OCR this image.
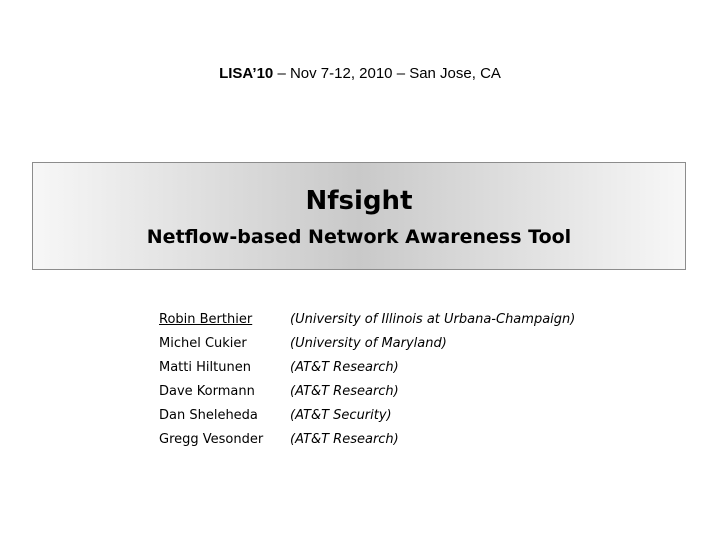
LISA’10 – Nov 7-12, 2010 – San Jose, CA
Nfsight
Netflow-based Network Awareness Tool
Robin Berthier	(University of Illinois at Urbana-Champaign)
Michel Cukier	(University of Maryland)
Matti Hiltunen	(AT&T Research)
Dave Kormann	(AT&T Research)
Dan Sheleheda (AT&T Security)
Gregg Vesonder (AT&T Research)
